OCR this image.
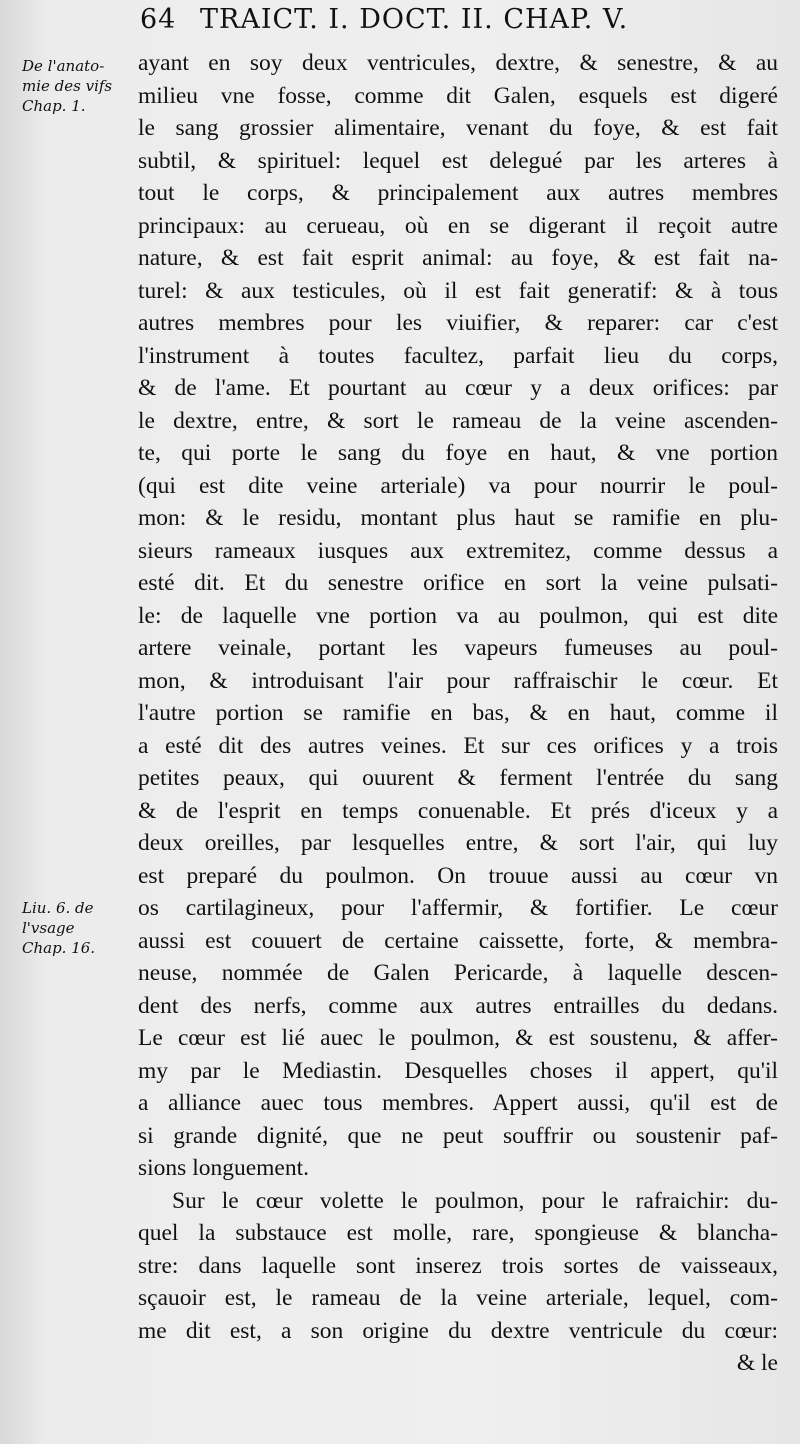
64 TRAICT. I. DOCT. II. CHAP. V.
De l'anato-
mie des vifs
Chap. 1.
Liu. 6. de
l'vsage
Chap. 16.
ayant en soy deux ventricules, dextre, & senestre, & au
milieu vne fosse, comme dit Galen, esquels est digeré
le sang grossier alimentaire, venant du foye, & est fait
subtil, & spirituel: lequel est delegué par les arteres à
tout le corps, & principalement aux autres membres
principaux: au cerueau, où en se digerant il reçoit autre
nature, & est fait esprit animal: au foye, & est fait na-
turel: & aux testicules, où il est fait generatif: & à tous
autres membres pour les viuifier, & reparer: car c'est
l'instrument à toutes facultez, parfait lieu du corps,
& de l'ame. Et pourtant au cœur y a deux orifices: par
le dextre, entre, & sort le rameau de la veine ascenden-
te, qui porte le sang du foye en haut, & vne portion
(qui est dite veine arteriale) va pour nourrir le poul-
mon: & le residu, montant plus haut se ramifie en plu-
sieurs rameaux iusques aux extremitez, comme dessus a
esté dit. Et du senestre orifice en sort la veine pulsati-
le: de laquelle vne portion va au poulmon, qui est dite
artere veinale, portant les vapeurs fumeuses au poul-
mon, & introduisant l'air pour raffraischir le cœur. Et
l'autre portion se ramifie en bas, & en haut, comme il
a esté dit des autres veines. Et sur ces orifices y a trois
petites peaux, qui ouurent & ferment l'entrée du sang
& de l'esprit en temps conuenable. Et prés d'iceux y a
deux oreilles, par lesquelles entre, & sort l'air, qui luy
est preparé du poulmon. On trouue aussi au cœur vn
os cartilagineux, pour l'affermir, & fortifier. Le cœur
aussi est couuert de certaine caissette, forte, & membra-
neuse, nommée de Galen Pericarde, à laquelle descen-
dent des nerfs, comme aux autres entrailles du dedans.
Le cœur est lié auec le poulmon, & est soustenu, & affer-
my par le Mediastin. Desquelles choses il appert, qu'il
a alliance auec tous membres. Appert aussi, qu'il est de
si grande dignité, que ne peut souffrir ou soustenir paf-
sions longuement.
Sur le cœur volette le poulmon, pour le rafraichir: du-
quel la substauce est molle, rare, spongieuse & blancha-
stre: dans laquelle sont inserez trois sortes de vaisseaux,
sçauoir est, le rameau de la veine arteriale, lequel, com-
me dit est, a son origine du dextre ventricule du cœur:
& le
